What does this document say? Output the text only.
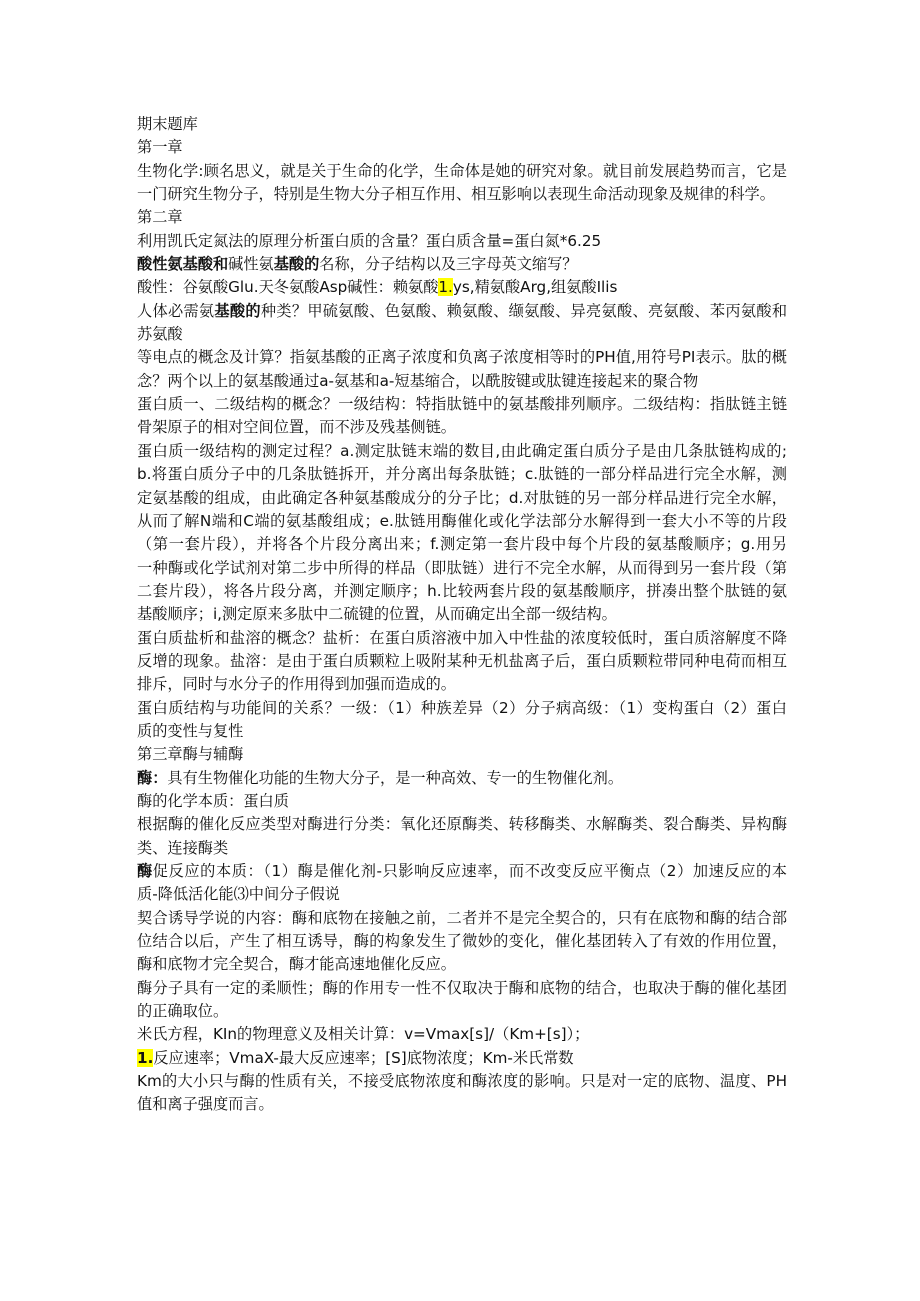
期末题库
第一章
生物化学:顾名思义，就是关于生命的化学，生命体是她的研究对象。就目前发展趋势而言，它是
一门研究生物分子，特别是生物大分子相互作用、相互影响以表现生命活动现象及规律的科学。
第二章
利用凯氏定氮法的原理分析蛋白质的含量？蛋白质含量=蛋白氮*6.25
酸性氨基酸和碱性氨基酸的名称，分子结构以及三字母英文缩写？
酸性：谷氨酸Glu.天冬氨酸Asp碱性：赖氨酸1.ys,精氨酸Arg,组氨酸Ilis
人体必需氨基酸的种类？甲硫氨酸、色氨酸、赖氨酸、缬氨酸、异亮氨酸、亮氨酸、苯丙氨酸和
苏氨酸
等电点的概念及计算？指氨基酸的正离子浓度和负离子浓度相等时的PH值,用符号PI表示。肽的概
念？两个以上的氨基酸通过a-氨基和a-短基缩合，以酰胺键或肽键连接起来的聚合物
蛋白质一、二级结构的概念？一级结构：特指肽链中的氨基酸排列顺序。二级结构：指肽链主链
骨架原子的相对空间位置，而不涉及残基侧链。
蛋白质一级结构的测定过程？a.测定肽链末端的数目,由此确定蛋白质分子是由几条肽链构成的;
b.将蛋白质分子中的几条肽链拆开，并分离出每条肽链；c.肽链的一部分样品进行完全水解，测
定氨基酸的组成，由此确定各种氨基酸成分的分子比；d.对肽链的另一部分样品进行完全水解，
从而了解N端和C端的氨基酸组成；e.肽链用酶催化或化学法部分水解得到一套大小不等的片段
（第一套片段），并将各个片段分离出来；f.测定第一套片段中每个片段的氨基酸顺序；g.用另
一种酶或化学试剂对第二步中所得的样品（即肽链）进行不完全水解，从而得到另一套片段（第
二套片段），将各片段分离，并测定顺序；h.比较两套片段的氨基酸顺序，拼凑出整个肽链的氨
基酸顺序；i,测定原来多肽中二硫键的位置，从而确定出全部一级结构。
蛋白质盐析和盐溶的概念？盐析：在蛋白质溶液中加入中性盐的浓度较低时，蛋白质溶解度不降
反增的现象。盐溶：是由于蛋白质颗粒上吸附某种无机盐离子后，蛋白质颗粒带同种电荷而相互
排斥，同时与水分子的作用得到加强而造成的。
蛋白质结构与功能间的关系？一级：（1）种族差异（2）分子病高级：（1）变构蛋白（2）蛋白
质的变性与复性
第三章酶与辅酶
酶：具有生物催化功能的生物大分子，是一种高效、专一的生物催化剂。
酶的化学本质：蛋白质
根据酶的催化反应类型对酶进行分类：氧化还原酶类、转移酶类、水解酶类、裂合酶类、异构酶
类、连接酶类
酶促反应的本质：（1）酶是催化剂-只影响反应速率，而不改变反应平衡点（2）加速反应的本
质-降低活化能⑶中间分子假说
契合诱导学说的内容：酶和底物在接触之前，二者并不是完全契合的，只有在底物和酶的结合部
位结合以后，产生了相互诱导，酶的构象发生了微妙的变化，催化基团转入了有效的作用位置，
酶和底物才完全契合，酶才能高速地催化反应。
酶分子具有一定的柔顺性；酶的作用专一性不仅取决于酶和底物的结合，也取决于酶的催化基团
的正确取位。
米氏方程，KIn的物理意义及相关计算：v=Vmax[s]/（Km+[s]）；
1.反应速率；VmaX-最大反应速率；[S]底物浓度；Km-米氏常数
Km的大小只与酶的性质有关，不接受底物浓度和酶浓度的影响。只是对一定的底物、温度、PH
值和离子强度而言。
